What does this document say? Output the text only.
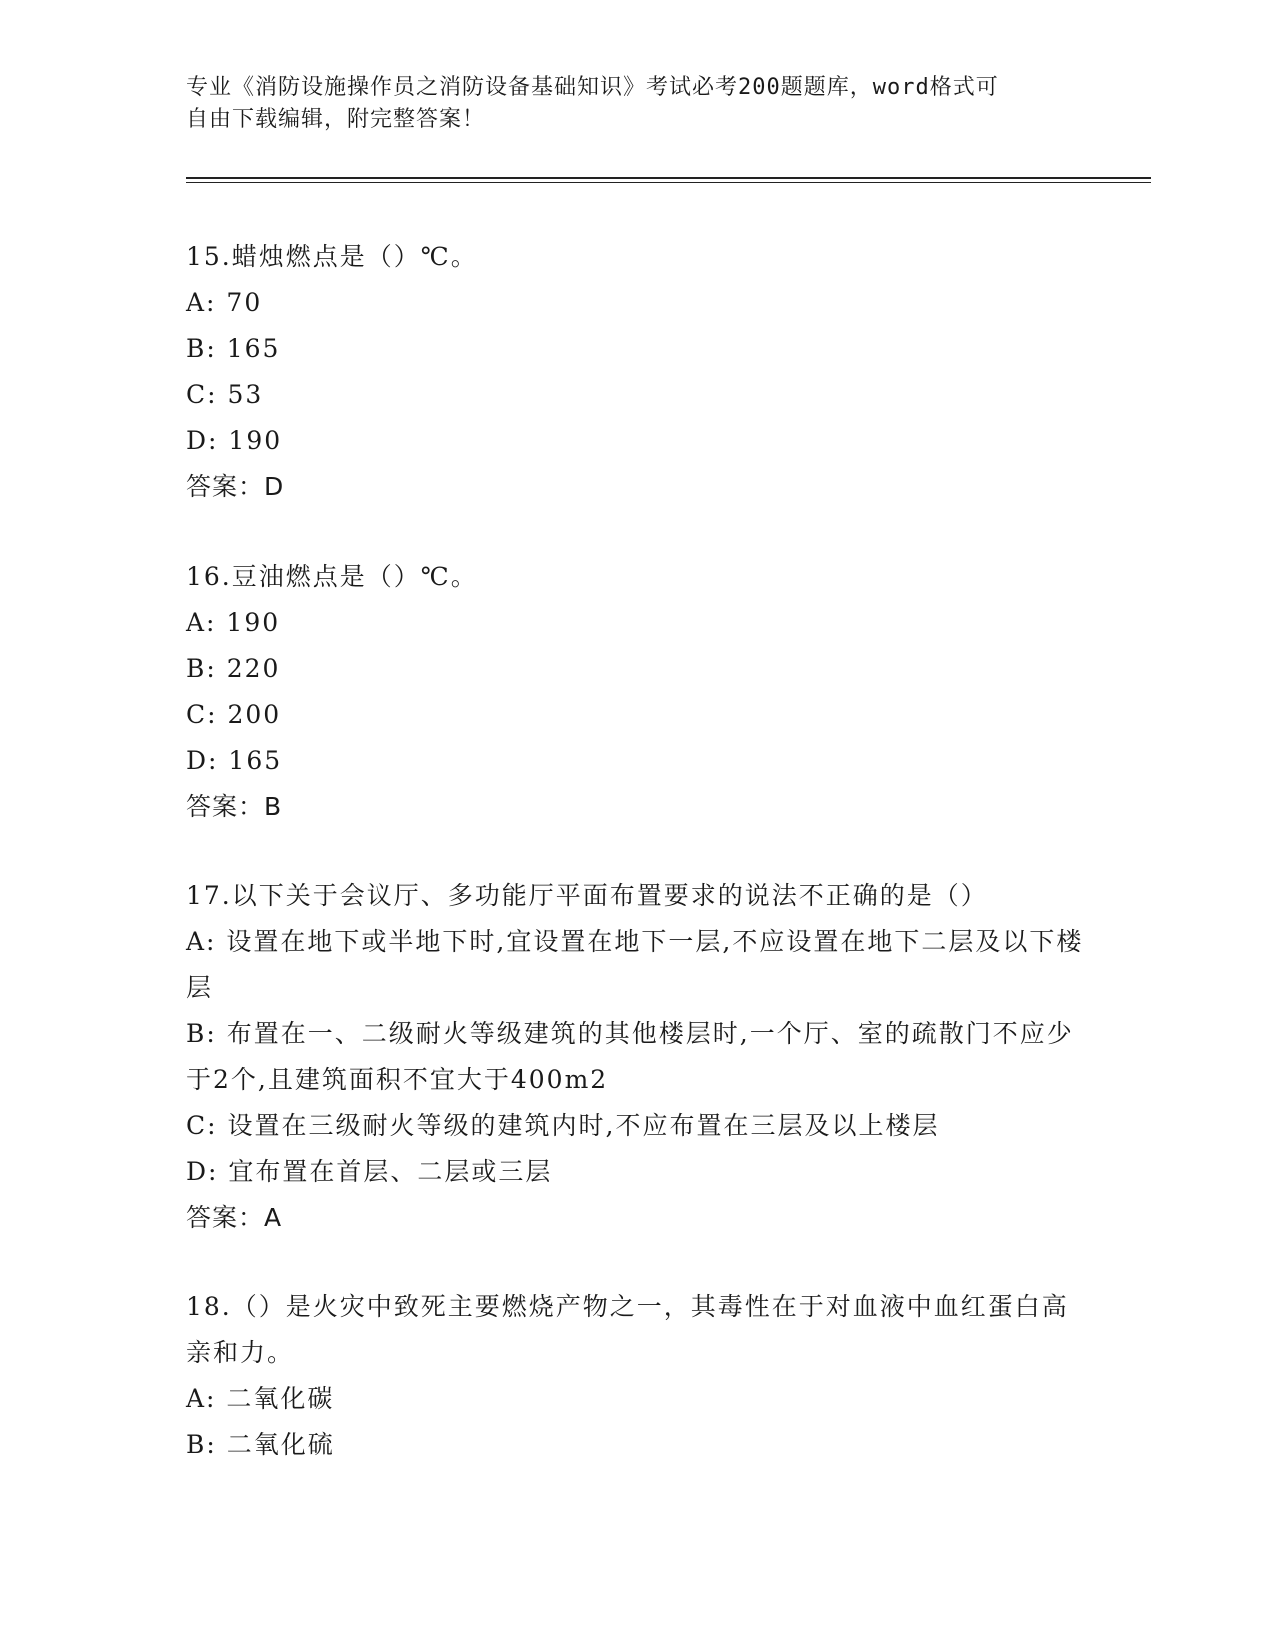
专业《消防设施操作员之消防设备基础知识》考试必考200题题库，word格式可
自由下载编辑，附完整答案！
15.蜡烛燃点是（）℃。
A: 70
B: 165
C: 53
D: 190
答案：D
16.豆油燃点是（）℃。
A: 190
B: 220
C: 200
D: 165
答案：B
17.以下关于会议厅、多功能厅平面布置要求的说法不正确的是（）
A: 设置在地下或半地下时,宜设置在地下一层,不应设置在地下二层及以下楼层
B: 布置在一、二级耐火等级建筑的其他楼层时,一个厅、室的疏散门不应少于2个,且建筑面积不宜大于400m2
C: 设置在三级耐火等级的建筑内时,不应布置在三层及以上楼层
D: 宜布置在首层、二层或三层
答案：A
18.（）是火灾中致死主要燃烧产物之一，其毒性在于对血液中血红蛋白高亲和力。
A: 二氧化碳
B: 二氧化硫
